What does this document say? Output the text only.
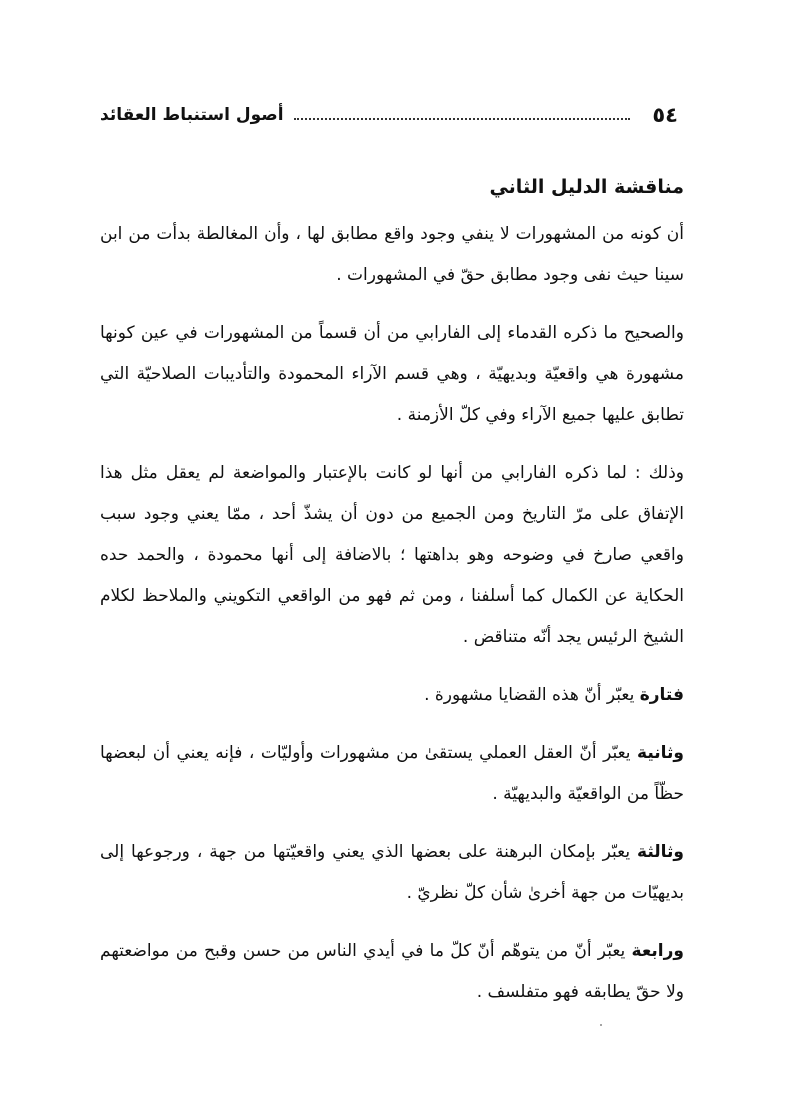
٥٤
أصول استنباط العقائد
مناقشة الدليل الثاني

أن كونه من المشهورات لا ينفي وجود واقع مطابق لها ، وأن المغالطة بدأت من ابن سينا حيث نفى وجود مطابق حقّ في المشهورات .

والصحيح ما ذكره القدماء إلى الفارابي من أن قسماً من المشهورات في عين كونها مشهورة هي واقعيّة وبديهيّة ، وهي قسم الآراء المحمودة والتأديبات الصلاحيّة التي تطابق عليها جميع الآراء وفي كلّ الأزمنة .

وذلك : لما ذكره الفارابي من أنها لو كانت بالإعتبار والمواضعة لم يعقل مثل هذا الإتفاق على مرّ التاريخ ومن الجميع من دون أن يشذّ أحد ، ممّا يعني وجود سبب واقعي صارخ في وضوحه وهو بداهتها ؛ بالاضافة إلى أنها محمودة ، والحمد حده الحكاية عن الكمال كما أسلفنا ، ومن ثم فهو من الواقعي التكويني والملاحظ لكلام الشيخ الرئيس يجد أنّه متناقض .

فتارة يعبّر أنّ هذه القضايا مشهورة .

وثانية يعبّر أنّ العقل العملي يستقىٰ من مشهورات وأوليّات ، فإنه يعني أن لبعضها حظّاً من الواقعيّة والبديهيّة .

وثالثة يعبّر بإمكان البرهنة على بعضها الذي يعني واقعيّتها من جهة ، ورجوعها إلى بديهيّات من جهة أخرىٰ شأن كلّ نظريّ .

ورابعة يعبّر أنّ من يتوهّم أنّ كلّ ما في أيدي الناس من حسن وقبح من مواضعتهم ولا حقّ يطابقه فهو متفلسف .
